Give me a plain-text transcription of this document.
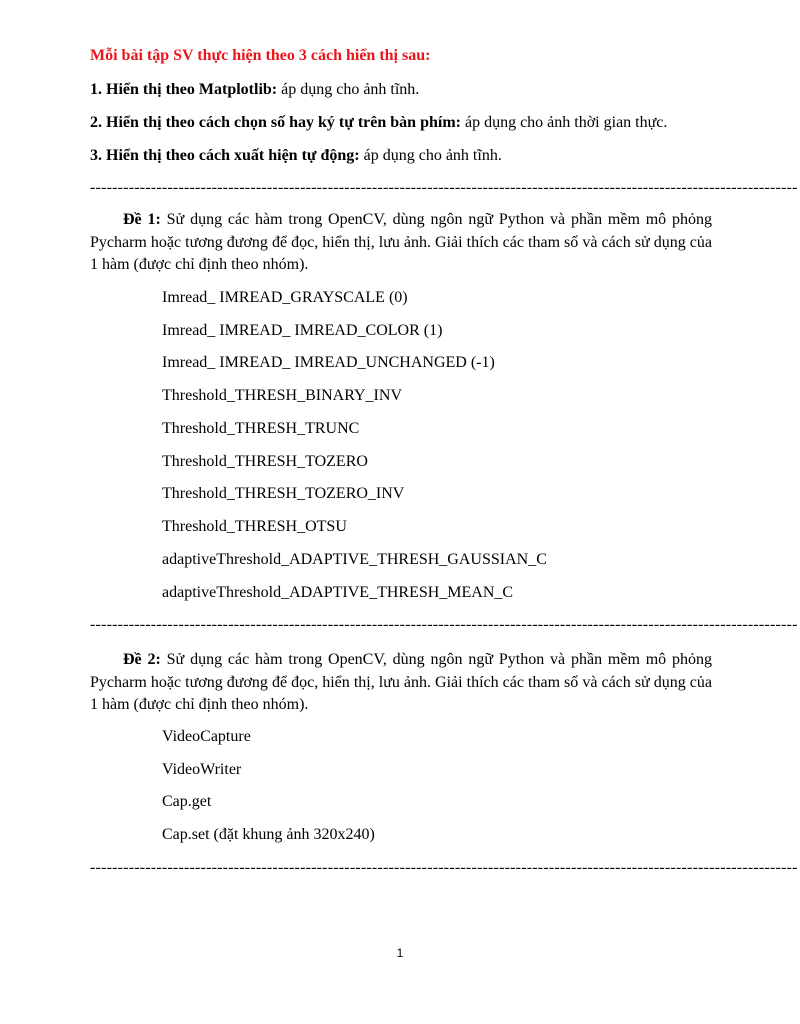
Mỗi bài tập SV thực hiện theo 3 cách hiển thị sau:
1. Hiển thị theo Matplotlib: áp dụng cho ảnh tĩnh.
2. Hiển thị theo cách chọn số hay ký tự trên bàn phím: áp dụng cho ảnh thời gian thực.
3. Hiển thị theo cách xuất hiện tự động: áp dụng cho ảnh tĩnh.
--------------------------------------------------------------------------------------------------------------------------------
Đề 1: Sử dụng các hàm trong OpenCV, dùng ngôn ngữ Python và phần mềm mô phỏng Pycharm hoặc tương đương để đọc, hiển thị, lưu ảnh. Giải thích các tham số và cách sử dụng của 1 hàm (được chỉ định theo nhóm).
Imread_ IMREAD_GRAYSCALE (0)
Imread_ IMREAD_ IMREAD_COLOR (1)
Imread_ IMREAD_ IMREAD_UNCHANGED (-1)
Threshold_THRESH_BINARY_INV
Threshold_THRESH_TRUNC
Threshold_THRESH_TOZERO
Threshold_THRESH_TOZERO_INV
Threshold_THRESH_OTSU
adaptiveThreshold_ADAPTIVE_THRESH_GAUSSIAN_C
adaptiveThreshold_ADAPTIVE_THRESH_MEAN_C
--------------------------------------------------------------------------------------------------------------------------------
Đề 2: Sử dụng các hàm trong OpenCV, dùng ngôn ngữ Python và phần mềm mô phỏng Pycharm hoặc tương đương để đọc, hiển thị, lưu ảnh. Giải thích các tham số và cách sử dụng của 1 hàm (được chỉ định theo nhóm).
VideoCapture
VideoWriter
Cap.get
Cap.set (đặt khung ảnh 320x240)
--------------------------------------------------------------------------------------------------------------------------------
1
